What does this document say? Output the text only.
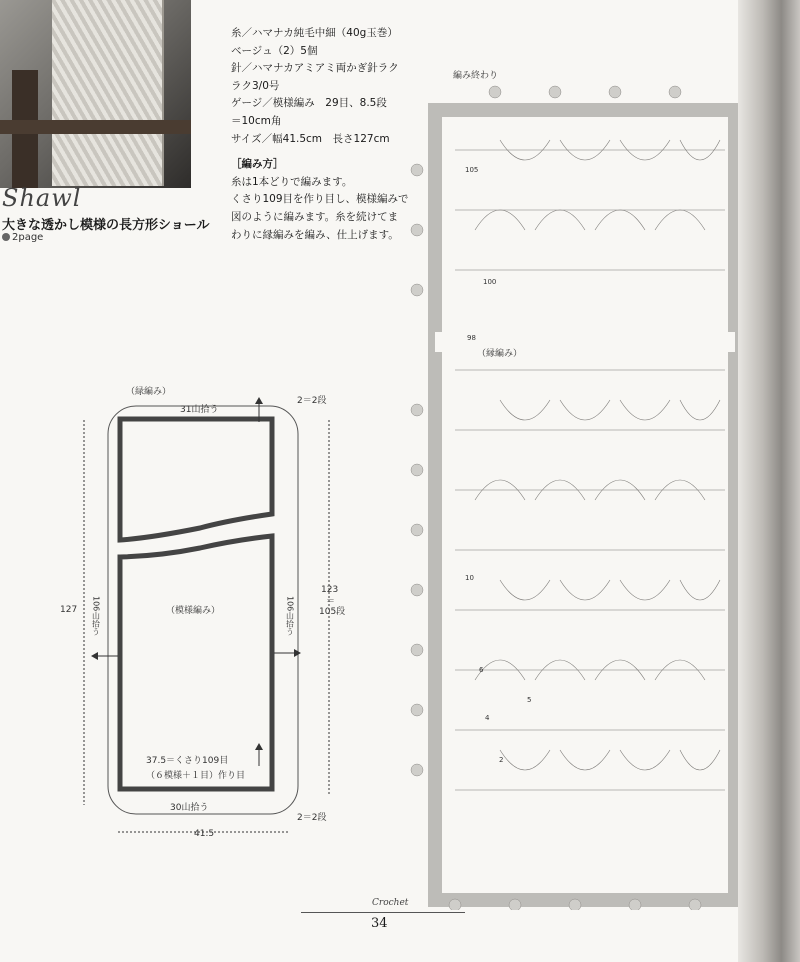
Shawl
大きな透かし模様の長方形ショール
2page
糸／ハマナカ純毛中細（40g玉巻）
ベージュ（2）5個
針／ハマナカアミアミ両かぎ針ラク
ラク3/0号
ゲージ／模様編み　29目、8.5段
＝10cm角
サイズ／幅41.5cm　長さ127cm
［編み方］
糸は1本どりで編みます。
くさり109目を作り目し、模様編みで
図のように編みます。糸を続けてま
わりに縁編みを編み、仕上げます。
（緑編み）
31山拾う
30山拾う
（模様編み）
37.5＝くさり109目
（６模様＋１目）作り目
41.5
127
123
＝
105段
2＝2段
2＝2段
106山拾う	106山拾う
編み終わり
（縁編み）
105
100
98
10
6
5
4
2
Crochet
34
